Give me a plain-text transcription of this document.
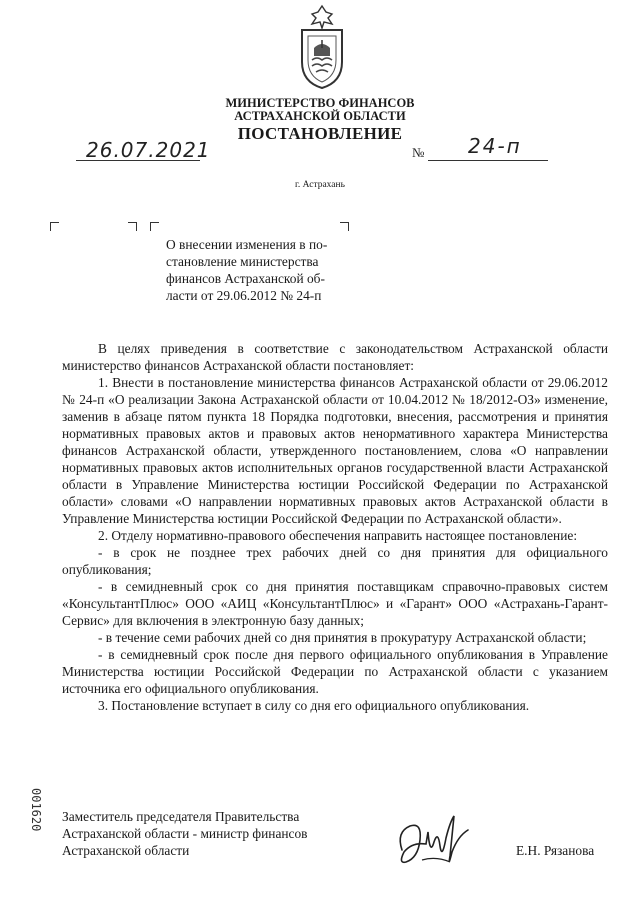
МИНИСТЕРСТВО ФИНАНСОВ
АСТРАХАНСКОЙ ОБЛАСТИ
ПОСТАНОВЛЕНИЕ
26.07.2021	№ 24-п
г. Астрахань
О внесении изменения в по-
становление министерства
финансов Астраханской об-
ласти от 29.06.2012 № 24-п

В целях приведения в соответствие с законодательством Астраханской области министерство финансов Астраханской области постановляет:

1. Внести в постановление министерства финансов Астраханской области от 29.06.2012 № 24-п «О реализации Закона Астраханской области от 10.04.2012 № 18/2012-ОЗ» изменение, заменив в абзаце пятом пункта 18 Порядка подготовки, внесения, рассмотрения и принятия нормативных правовых актов и правовых актов ненормативного характера Министерства финансов Астраханской области, утвержденного постановлением, слова «О направлении нормативных правовых актов исполнительных органов государственной власти Астраханской области в Управление Министерства юстиции Российской Федерации по Астраханской области» словами «О направлении нормативных правовых актов Астраханской области в Управление Министерства юстиции Российской Федерации по Астраханской области».

2. Отделу нормативно-правового обеспечения направить настоящее постановление:

- в срок не позднее трех рабочих дней со дня принятия для официального опубликования;

- в семидневный срок со дня принятия поставщикам справочно-правовых систем «КонсультантПлюс» ООО «АИЦ «КонсультантПлюс» и «Гарант» ООО «Астрахань-Гарант-Сервис» для включения в электронную базу данных;

- в течение семи рабочих дней со дня принятия в прокуратуру Астраханской области;

- в семидневный срок после дня первого официального опубликования в Управление Министерства юстиции Российской Федерации по Астраханской области с указанием источника его официального опубликования.

3. Постановление вступает в силу со дня его официального опубликования.

001620 Заместитель председателя Правительства
Астраханской области - министр финансов
Астраханской области	Е.Н. Рязанова
